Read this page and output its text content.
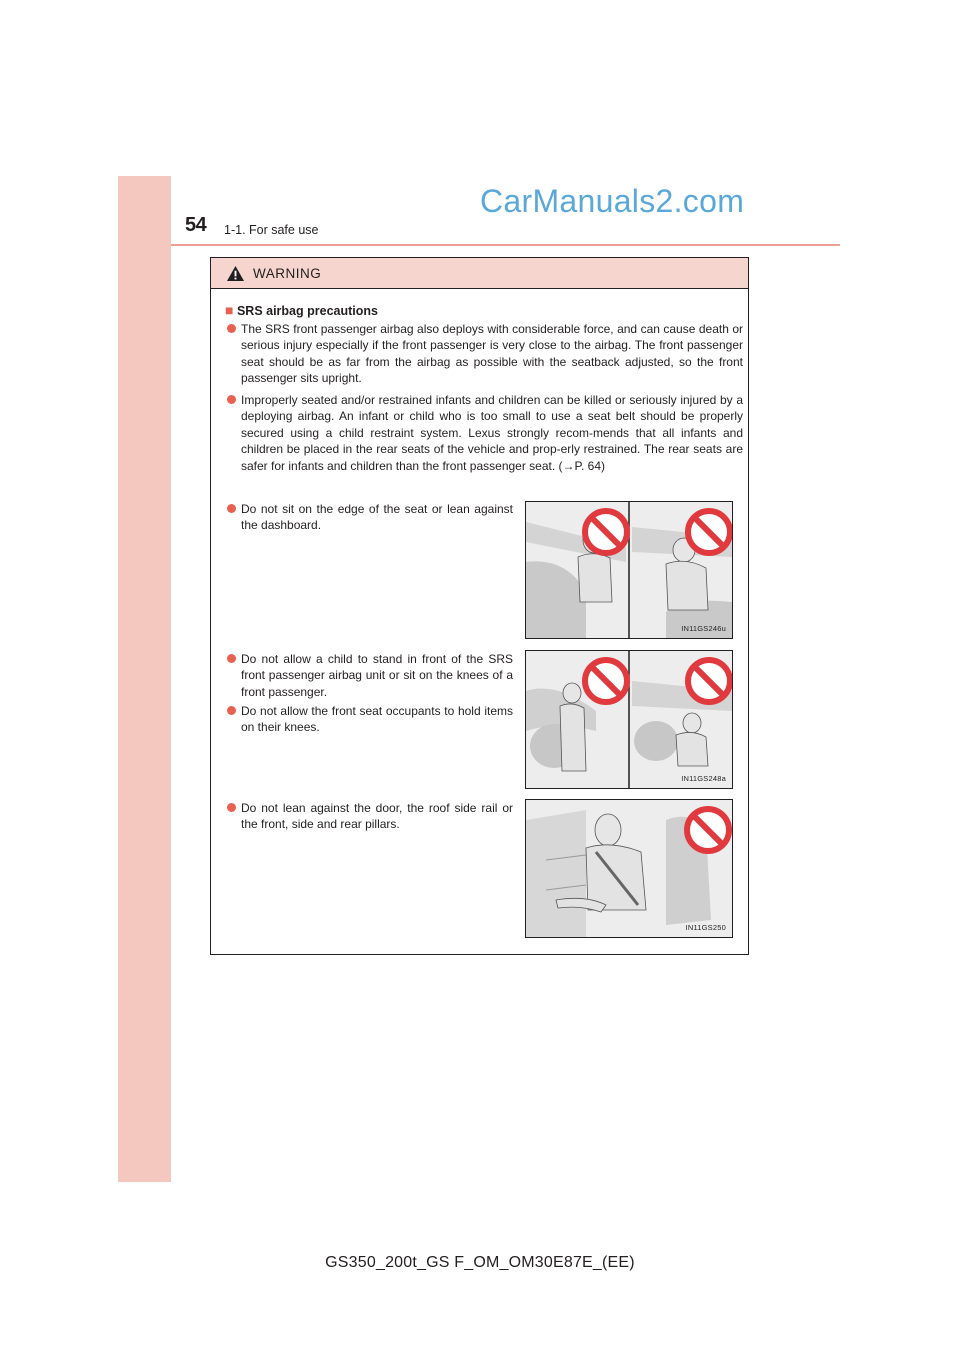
54 1-1. For safe use
CarManuals2.com
WARNING
■ SRS airbag precautions
The SRS front passenger airbag also deploys with considerable force, and can cause death or serious injury especially if the front passenger is very close to the airbag. The front passenger seat should be as far from the airbag as possible with the seatback adjusted, so the front passenger sits upright.
Improperly seated and/or restrained infants and children can be killed or seriously injured by a deploying airbag. An infant or child who is too small to use a seat belt should be properly secured using a child restraint system. Lexus strongly recom-mends that all infants and children be placed in the rear seats of the vehicle and prop-erly restrained. The rear seats are safer for infants and children than the front passenger seat. (→P. 64)
Do not sit on the edge of the seat or lean against the dashboard.
Do not allow a child to stand in front of the SRS front passenger airbag unit or sit on the knees of a front passenger.
Do not allow the front seat occupants to hold items on their knees.
Do not lean against the door, the roof side rail or the front, side and rear pillars.
IN11GS246u
IN11GS248a
IN11GS250
GS350_200t_GS F_OM_OM30E87E_(EE)
